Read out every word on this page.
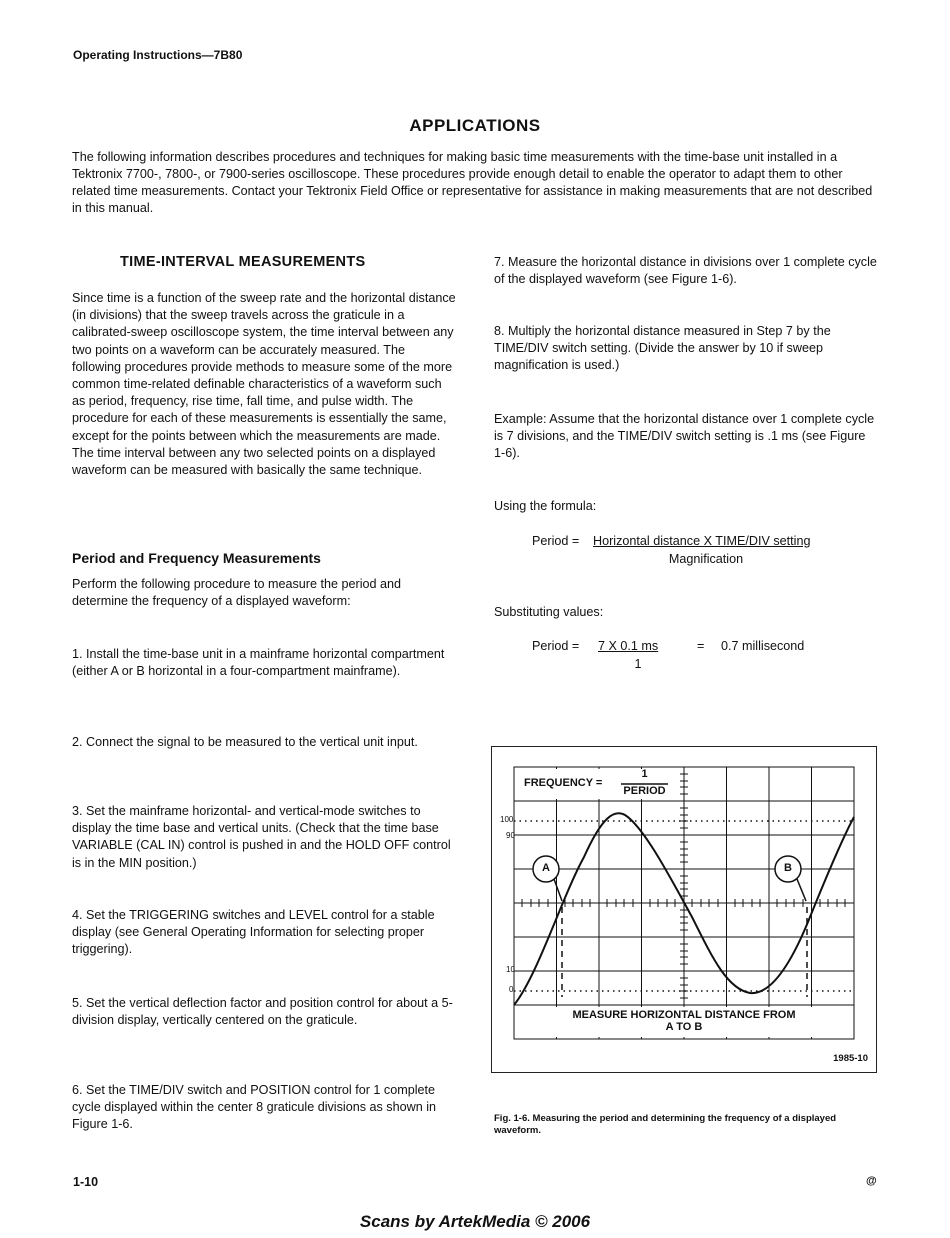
Operating Instructions—7B80
APPLICATIONS

The following information describes procedures and techniques for making basic time measurements with the time-base unit installed in a Tektronix 7700-, 7800-, or 7900-series oscilloscope. These procedures provide enough detail to enable the operator to adapt them to other related time measurements. Contact your Tektronix Field Office or representative for assistance in making measurements that are not described in this manual.

TIME-INTERVAL MEASUREMENTS

Since time is a function of the sweep rate and the horizontal distance (in divisions) that the sweep travels across the graticule in a calibrated-sweep oscilloscope system, the time interval between any two points on a waveform can be accurately measured. The following procedures provide methods to measure some of the more common time-related definable characteristics of a waveform such as period, frequency, rise time, fall time, and pulse width. The procedure for each of these measurements is essentially the same, except for the points between which the measurements are made. The time interval between any two selected points on a displayed waveform can be measured with basically the same technique.

Period and Frequency Measurements

Perform the following procedure to measure the period and determine the frequency of a displayed waveform:

1. Install the time-base unit in a mainframe horizontal compartment (either A or B horizontal in a four-compartment mainframe).

2. Connect the signal to be measured to the vertical unit input.

3. Set the mainframe horizontal- and vertical-mode switches to display the time base and vertical units. (Check that the time base VARIABLE (CAL IN) control is pushed in and the HOLD OFF control is in the MIN position.)

4. Set the TRIGGERING switches and LEVEL control for a stable display (see General Operating Information for selecting proper triggering).

5. Set the vertical deflection factor and position control for about a 5-division display, vertically centered on the graticule.

6. Set the TIME/DIV switch and POSITION control for 1 complete cycle displayed within the center 8 graticule divisions as shown in Figure 1-6.

7. Measure the horizontal distance in divisions over 1 complete cycle of the displayed waveform (see Figure 1-6).

8. Multiply the horizontal distance measured in Step 7 by the TIME/DIV switch setting. (Divide the answer by 10 if sweep magnification is used.)

Example: Assume that the horizontal distance over 1 complete cycle is 7 divisions, and the TIME/DIV switch setting is .1 ms (see Figure 1-6).

Using the formula:

Period = Horizontal distance X TIME/DIV setting
Magnification

Substituting values:

Period = 7 X 0.1 ms
1
= 0.7 millisecond
FREQUENCY =
1
PERIOD
100
90
10
0
A	B
MEASURE HORIZONTAL DISTANCE FROM
A TO B
1985-10

Fig. 1-6. Measuring the period and determining the frequency of a displayed waveform.

1-10	@
Scans by ArtekMedia © 2006
